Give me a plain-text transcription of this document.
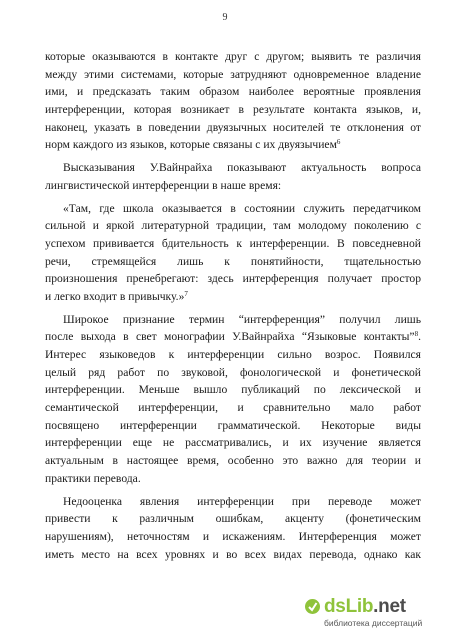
9
которые оказываются в контакте друг с другом; выявить те различия
между этими системами, которые затрудняют одновременное владение
ими, и предсказать таким образом наиболее вероятные проявления
интерференции, которая возникает в результате контакта языков, и,
наконец, указать в поведении двуязычных носителей те отклонения от
норм каждого из языков, которые связаны с их двуязычием$^6$
Высказывания У.Вайнрайха показывают актуальность вопроса
лингвистической интерференции в наше время:
«Там, где школа оказывается в состоянии служить передатчиком
сильной и яркой литературной традиции, там молодому поколению с
успехом прививается бдительность к интерференции. В повседневной
речи, стремящейся лишь к понятийности, тщательностью
произношения пренебрегают: здесь интерференция получает простор
и легко входит в привычку.»$^7$
Широкое признание термин “интерференция” получил лишь
после выхода в свет монографии У.Вайнрайха “Языковые контакты”$^8$.
Интерес языковедов к интерференции сильно возрос. Появился
целый ряд работ по звуковой, фонологической и фонетической
интерференции. Меньше вышло публикаций по лексической и
семантической интерференции, и сравнительно мало работ
посвящено интерференции грамматической. Некоторые виды
интерференции еще не рассматривались, и их изучение является
актуальным в настоящее время, особенно это важно для теории и
практики перевода.
Недооценка явления интерференции при переводе может
привести к различным ошибкам, акценту (фонетическим
нарушениям), неточностям и искажениям. Интерференция может
иметь место на всех уровнях и во всех видах перевода, однако как
dsLib.net
библиотека диссертаций
